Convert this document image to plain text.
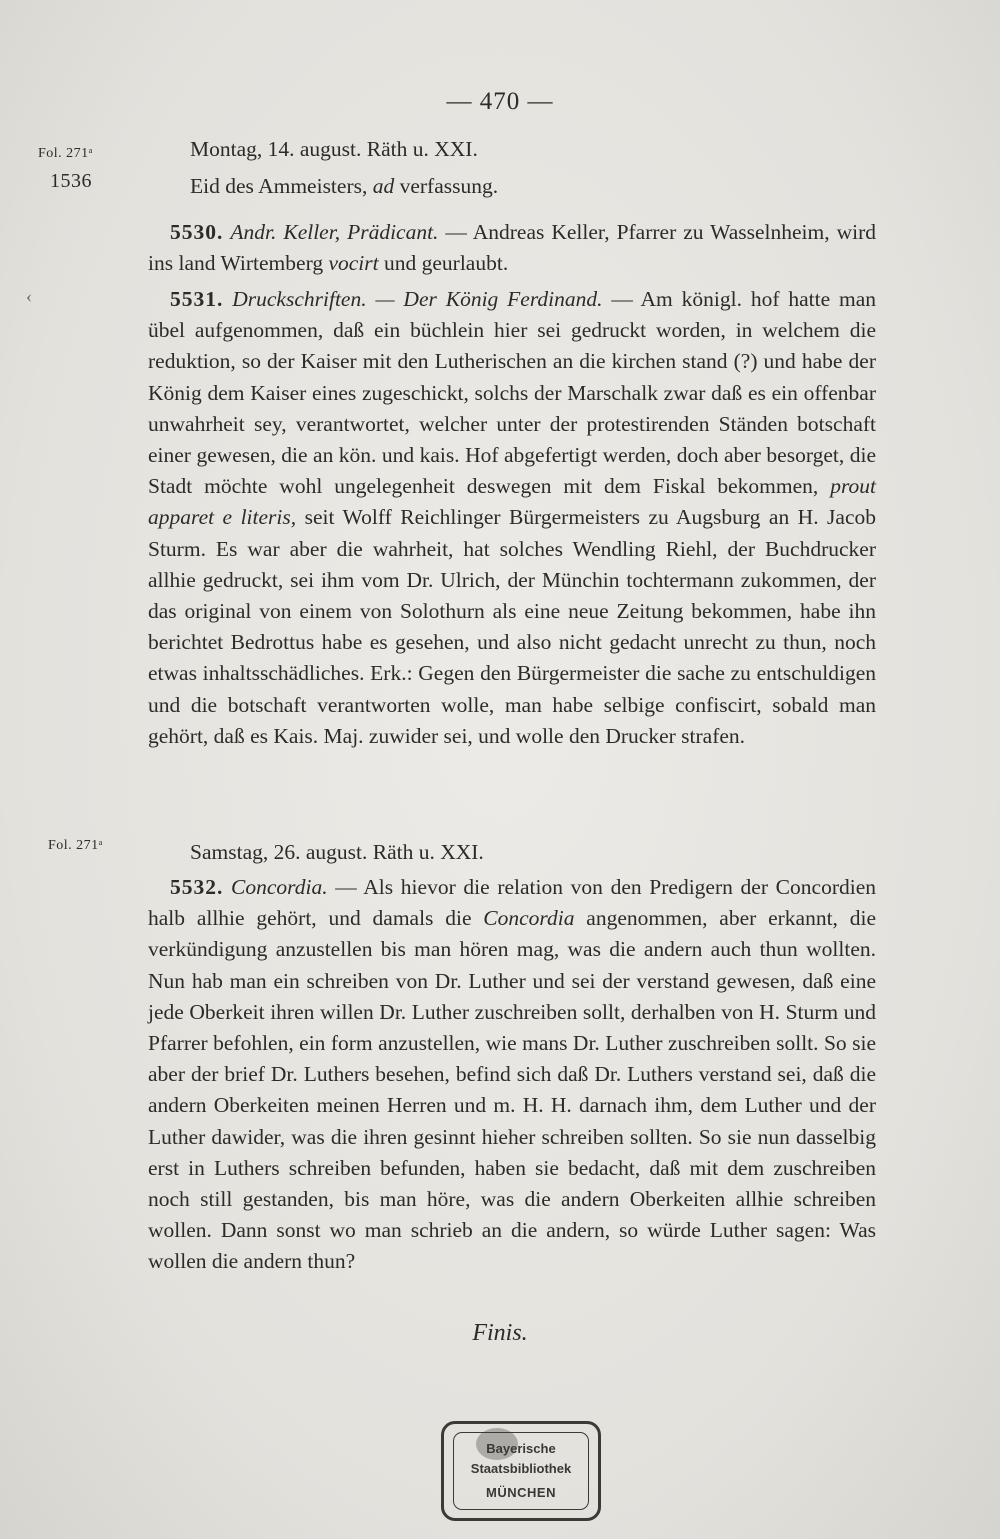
— 470 —
Fol. 271ᵃ
1536
Fol. 271ᵃ
‹
Montag, 14. august. Räth u. XXI.
Eid des Ammeisters, ad verfassung.

5530. Andr. Keller, Prädicant. — Andreas Keller, Pfarrer zu Wasselnheim, wird ins land Wirtemberg vocirt und geurlaubt.

5531. Druckschriften. — Der König Ferdinand. — Am königl. hof hatte man übel aufgenommen, daß ein büchlein hier sei gedruckt worden, in welchem die reduktion, so der Kaiser mit den Lutherischen an die kirchen stand (?) und habe der König dem Kaiser eines zugeschickt, solchs der Marschalk zwar daß es ein offenbar unwahrheit sey, verantwortet, welcher unter der protestirenden Ständen botschaft einer gewesen, die an kön. und kais. Hof abgefertigt werden, doch aber besorget, die Stadt möchte wohl ungelegenheit deswegen mit dem Fiskal bekommen, prout apparet e literis, seit Wolff Reichlinger Bürgermeisters zu Augsburg an H. Jacob Sturm. Es war aber die wahrheit, hat solches Wendling Riehl, der Buchdrucker allhie gedruckt, sei ihm vom Dr. Ulrich, der Münchin tochtermann zukommen, der das original von einem von Solothurn als eine neue Zeitung bekommen, habe ihn berichtet Bedrottus habe es gesehen, und also nicht gedacht unrecht zu thun, noch etwas inhaltsschädliches. Erk.: Gegen den Bürgermeister die sache zu entschuldigen und die botschaft verantworten wolle, man habe selbige confiscirt, sobald man gehört, daß es Kais. Maj. zuwider sei, und wolle den Drucker strafen.

Samstag, 26. august. Räth u. XXI.

5532. Concordia. — Als hievor die relation von den Predigern der Concordien halb allhie gehört, und damals die Concordia angenommen, aber erkannt, die verkündigung anzustellen bis man hören mag, was die andern auch thun wollten. Nun hab man ein schreiben von Dr. Luther und sei der verstand gewesen, daß eine jede Oberkeit ihren willen Dr. Luther zuschreiben sollt, derhalben von H. Sturm und Pfarrer befohlen, ein form anzustellen, wie mans Dr. Luther zuschreiben sollt. So sie aber der brief Dr. Luthers besehen, befind sich daß Dr. Luthers verstand sei, daß die andern Oberkeiten meinen Herren und m. H. H. darnach ihm, dem Luther und der Luther dawider, was die ihren gesinnt hieher schreiben sollten. So sie nun dasselbig erst in Luthers schreiben befunden, haben sie bedacht, daß mit dem zuschreiben noch still gestanden, bis man höre, was die andern Oberkeiten allhie schreiben wollen. Dann sonst wo man schrieb an die andern, so würde Luther sagen: Was wollen die andern thun?

Finis.
Bayerische
Staatsbibliothek
MÜNCHEN
